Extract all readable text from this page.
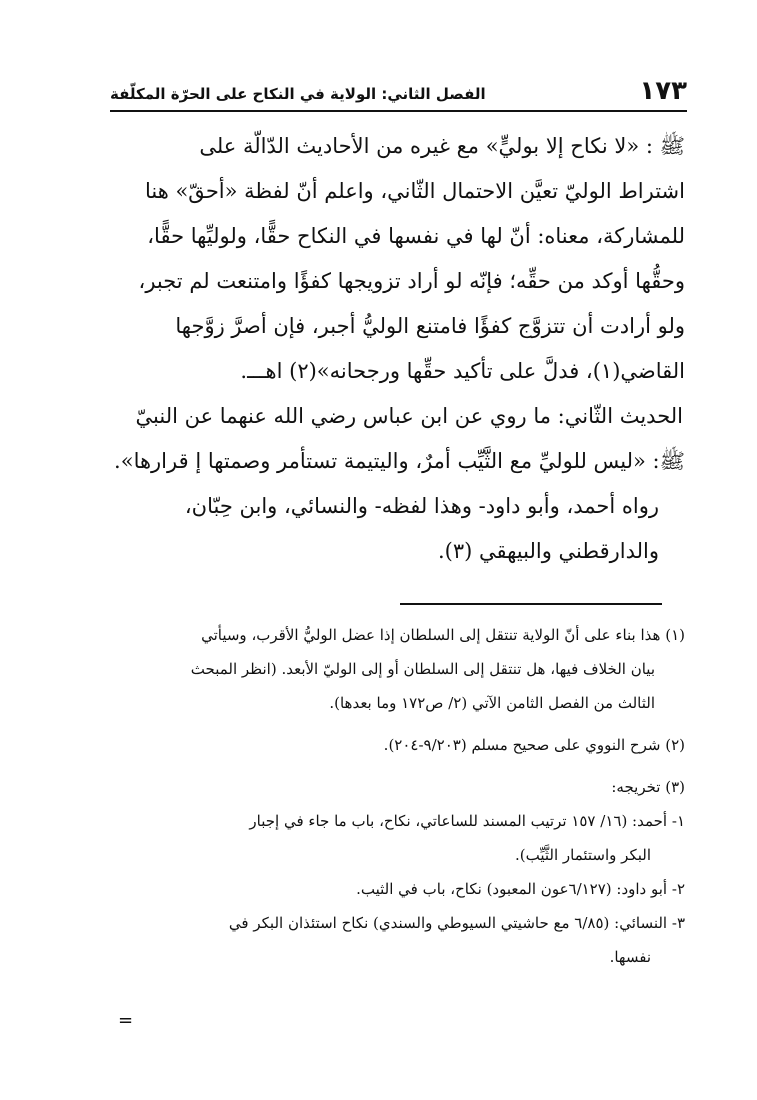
١٧٣
الفصل الثاني: الولاية في النكاح على الحرّة المكلّفة

ﷺ : «لا نكاح إلا بوليٍّ» مع غيره من الأحاديث الدّالّة على

اشتراط الوليّ تعيَّن الاحتمال الثّاني، واعلم أنّ لفظة «أحقّ» هنا

للمشاركة، معناه: أنّ لها في نفسها في النكاح حقًّا، ولوليِّها حقًّا،

وحقُّها أوكد من حقِّه؛ فإنّه لو أراد تزويجها كفؤًا وامتنعت لم تجبر،

ولو أرادت أن تتزوَّج كفؤًا فامتنع الوليُّ أجبر، فإن أصرَّ زوَّجها

القاضي(١)، فدلَّ على تأكيد حقِّها ورجحانه»(٢) اهـــ.

الحديث الثّاني: ما روي عن ابن عباس رضي الله عنهما عن النبيّ

ﷺ: «ليس للوليِّ مع الثَّيِّب أمرٌ، واليتيمة تستأمر وصمتها إ قرارها».

رواه أحمد، وأبو داود- وهذا لفظه- والنسائي، وابن حِبّان،

والدارقطني والبيهقي (٣).

(١) هذا بناء على أنّ الولاية تنتقل إلى السلطان إذا عضل الوليُّ الأقرب، وسيأتي

بيان الخلاف فيها، هل تنتقل إلى السلطان أو إلى الوليّ الأبعد. (انظر المبحث

الثالث من الفصل الثامن الآتي (٢/ ص١٧٢ وما بعدها).

(٢) شرح النووي على صحيح مسلم (٩/٢٠٣-٢٠٤).

(٣) تخريجه:

١- أحمد: (١٦/ ١٥٧ ترتيب المسند للساعاتي، نكاح، باب ما جاء في إجبار

البكر واستئمار الثَّيِّب).

٢- أبو داود: (٦/١٢٧عون المعبود) نكاح، باب في الثيب.

٣- النسائي: (٦/٨٥ مع حاشيتي السيوطي والسندي) نكاح استئذان البكر في

نفسها.

=
